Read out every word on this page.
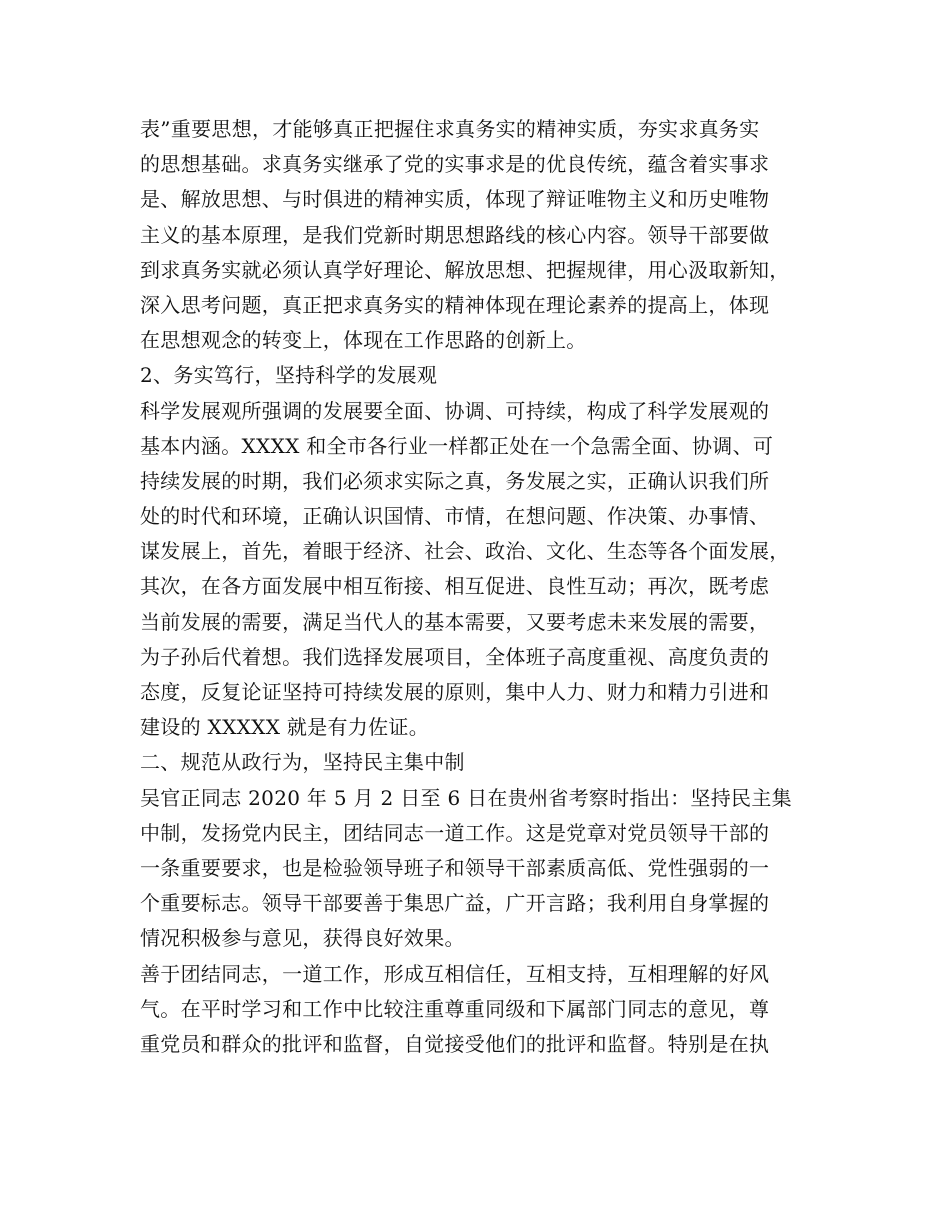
表”重要思想，才能够真正把握住求真务实的精神实质，夯实求真务实
的思想基础。求真务实继承了党的实事求是的优良传统，蕴含着实事求
是、解放思想、与时俱进的精神实质，体现了辩证唯物主义和历史唯物
主义的基本原理，是我们党新时期思想路线的核心内容。领导干部要做
到求真务实就必须认真学好理论、解放思想、把握规律，用心汲取新知，
深入思考问题，真正把求真务实的精神体现在理论素养的提高上，体现
在思想观念的转变上，体现在工作思路的创新上。
2、务实笃行，坚持科学的发展观
科学发展观所强调的发展要全面、协调、可持续，构成了科学发展观的
基本内涵。XXXX 和全市各行业一样都正处在一个急需全面、协调、可
持续发展的时期，我们必须求实际之真，务发展之实，正确认识我们所
处的时代和环境，正确认识国情、市情，在想问题、作决策、办事情、
谋发展上，首先，着眼于经济、社会、政治、文化、生态等各个面发展，
其次，在各方面发展中相互衔接、相互促进、良性互动；再次，既考虑
当前发展的需要，满足当代人的基本需要，又要考虑未来发展的需要，
为子孙后代着想。我们选择发展项目，全体班子高度重视、高度负责的
态度，反复论证坚持可持续发展的原则，集中人力、财力和精力引进和
建设的 XXXXX 就是有力佐证。
二、规范从政行为，坚持民主集中制
吴官正同志 2020 年 5 月 2 日至 6 日在贵州省考察时指出：坚持民主集
中制，发扬党内民主，团结同志一道工作。这是党章对党员领导干部的
一条重要要求，也是检验领导班子和领导干部素质高低、党性强弱的一
个重要标志。领导干部要善于集思广益，广开言路；我利用自身掌握的
情况积极参与意见，获得良好效果。
善于团结同志，一道工作，形成互相信任，互相支持，互相理解的好风
气。在平时学习和工作中比较注重尊重同级和下属部门同志的意见，尊
重党员和群众的批评和监督，自觉接受他们的批评和监督。特别是在执
